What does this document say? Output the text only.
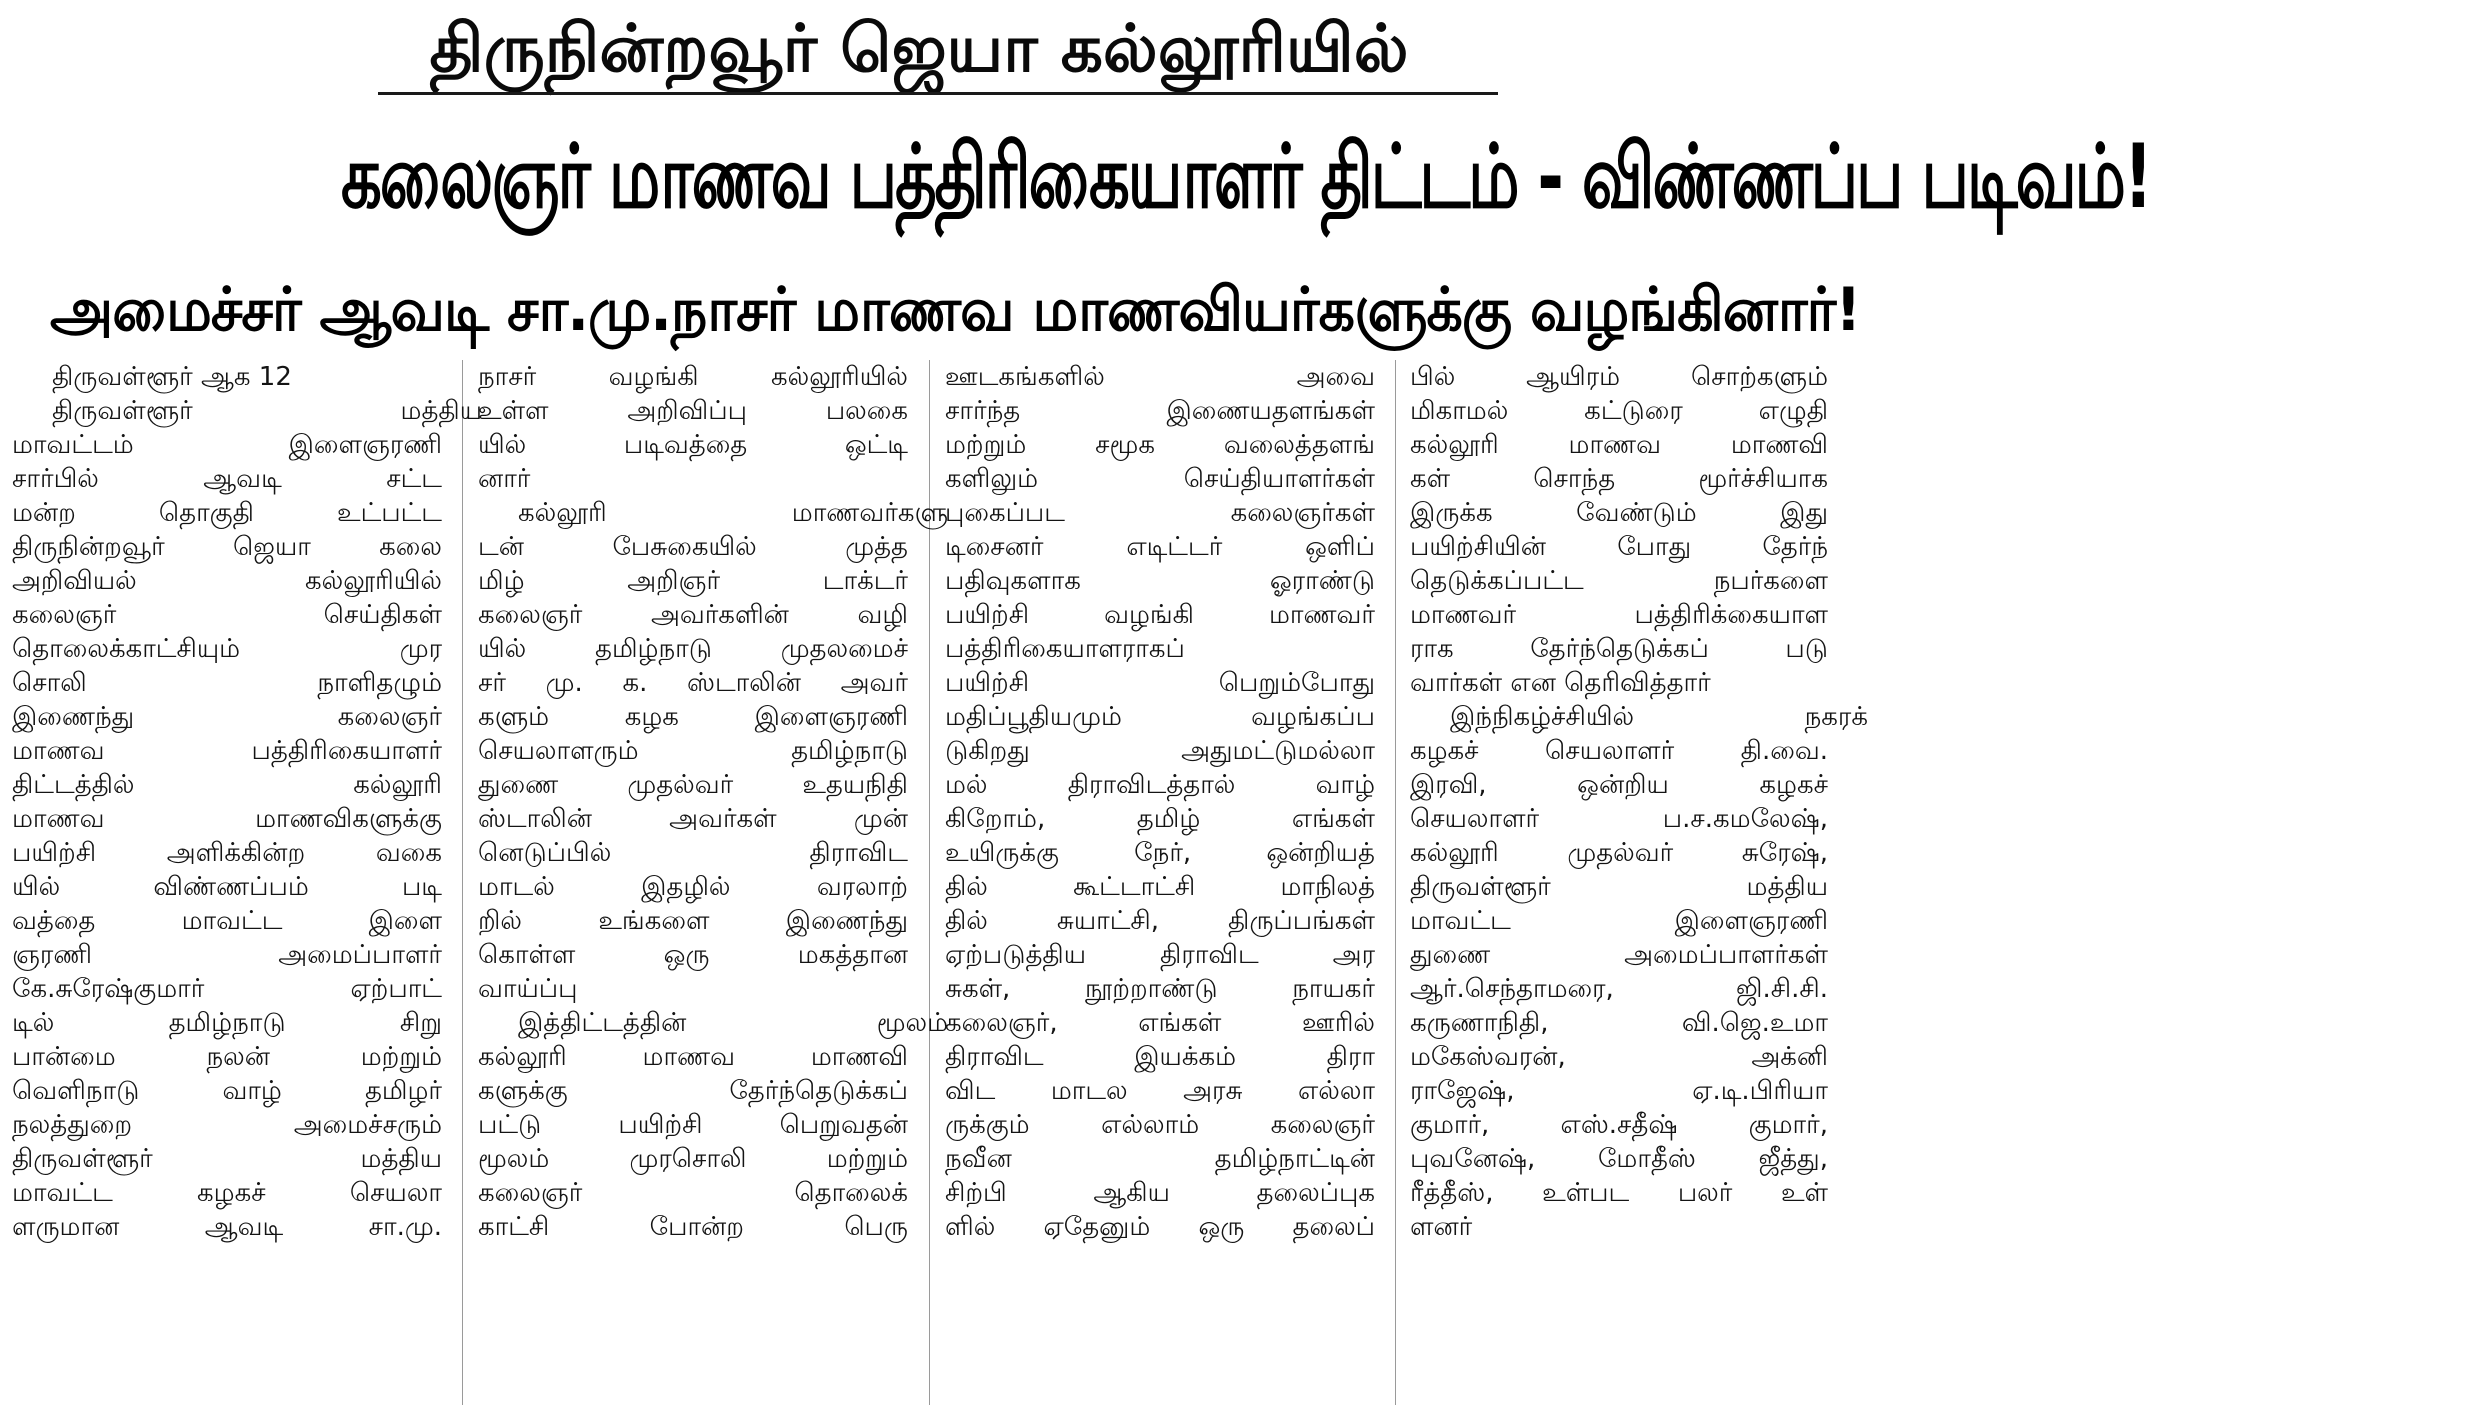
திருநின்றவூர் ஜெயா கல்லூரியில்
கலைஞர் மாணவ பத்திரிகையாளர் திட்டம் - விண்ணப்ப படிவம்!
அமைச்சர் ஆவடி சா.மு.நாசர் மாணவ மாணவியர்களுக்கு வழங்கினார்!
திருவள்ளூர் ஆக 12
திருவள்ளூர் மத்திய
மாவட்டம் இளைஞரணி
சார்பில் ஆவடி சட்ட
மன்ற தொகுதி உட்பட்ட
திருநின்றவூர் ஜெயா கலை
அறிவியல் கல்லூரியில்
கலைஞர் செய்திகள்
தொலைக்காட்சியும் முர
சொலி நாளிதழும்
இணைந்து கலைஞர்
மாணவ பத்திரிகையாளர்
திட்டத்தில் கல்லூரி
மாணவ மாணவிகளுக்கு
பயிற்சி அளிக்கின்ற வகை
யில் விண்ணப்பம் படி
வத்தை மாவட்ட இளை
ஞரணி அமைப்பாளர்
கே.சுரேஷ்குமார் ஏற்பாட்
டில் தமிழ்நாடு சிறு
பான்மை நலன் மற்றும்
வெளிநாடு வாழ் தமிழர்
நலத்துறை அமைச்சரும்
திருவள்ளூர் மத்திய
மாவட்ட கழகச் செயலா
ளருமான ஆவடி சா.மு.
நாசர் வழங்கி கல்லூரியில்
உள்ள அறிவிப்பு பலகை
யில் படிவத்தை ஒட்டி
னார்
கல்லூரி மாணவர்களு
டன் பேசுகையில் முத்த
மிழ் அறிஞர் டாக்டர்
கலைஞர் அவர்களின் வழி
யில் தமிழ்நாடு முதலமைச்
சர் மு. க. ஸ்டாலின் அவர்
களும் கழக இளைஞரணி
செயலாளரும் தமிழ்நாடு
துணை முதல்வர் உதயநிதி
ஸ்டாலின் அவர்கள் முன்
னெடுப்பில் திராவிட
மாடல் இதழில் வரலாற்
றில் உங்களை இணைந்து
கொள்ள ஒரு மகத்தான
வாய்ப்பு
இத்திட்டத்தின் மூலம்
கல்லூரி மாணவ மாணவி
களுக்கு தேர்ந்தெடுக்கப்
பட்டு பயிற்சி பெறுவதன்
மூலம் முரசொலி மற்றும்
கலைஞர் தொலைக்
காட்சி போன்ற பெரு
ஊடகங்களில் அவை
சார்ந்த இணையதளங்கள்
மற்றும் சமூக வலைத்தளங்
களிலும் செய்தியாளர்கள்
புகைப்பட கலைஞர்கள்
டிசைனர் எடிட்டர் ஒளிப்
பதிவுகளாக ஓராண்டு
பயிற்சி வழங்கி மாணவர்
பத்திரிகையாளராகப்
பயிற்சி பெறும்போது
மதிப்பூதியமும் வழங்கப்ப
டுகிறது அதுமட்டுமல்லா
மல் திராவிடத்தால் வாழ்
கிறோம், தமிழ் எங்கள்
உயிருக்கு நேர், ஒன்றியத்
தில் கூட்டாட்சி மாநிலத்
தில் சுயாட்சி, திருப்பங்கள்
ஏற்படுத்திய திராவிட அர
சுகள், நூற்றாண்டு நாயகர்
கலைஞர், எங்கள் ஊரில்
திராவிட இயக்கம் திரா
விட மாடல அரசு எல்லா
ருக்கும் எல்லாம் கலைஞர்
நவீன தமிழ்நாட்டின்
சிற்பி ஆகிய தலைப்புக
ளில் ஏதேனும் ஒரு தலைப்
பில் ஆயிரம் சொற்களும்
மிகாமல் கட்டுரை எழுதி
கல்லூரி மாணவ மாணவி
கள் சொந்த மூர்ச்சியாக
இருக்க வேண்டும் இது
பயிற்சியின் போது தேர்ந்
தெடுக்கப்பட்ட நபர்களை
மாணவர் பத்திரிக்கையாள
ராக தேர்ந்தெடுக்கப் படு
வார்கள் என தெரிவித்தார்
இந்நிகழ்ச்சியில் நகரக்
கழகச் செயலாளர் தி.வை.
இரவி, ஒன்றிய கழகச்
செயலாளர் ப.ச.கமலேஷ்,
கல்லூரி முதல்வர் சுரேஷ்,
திருவள்ளூர் மத்திய
மாவட்ட இளைஞரணி
துணை அமைப்பாளர்கள்
ஆர்.செந்தாமரை, ஜி.சி.சி.
கருணாநிதி, வி.ஜெ.உமா
மகேஸ்வரன், அக்னி
ராஜேஷ், ஏ.டி.பிரியா
குமார், எஸ்.சதீஷ் குமார்,
புவனேஷ், மோதீஸ் ஜீத்து,
ரீத்தீஸ், உள்பட பலர் உள்
ளனர்
